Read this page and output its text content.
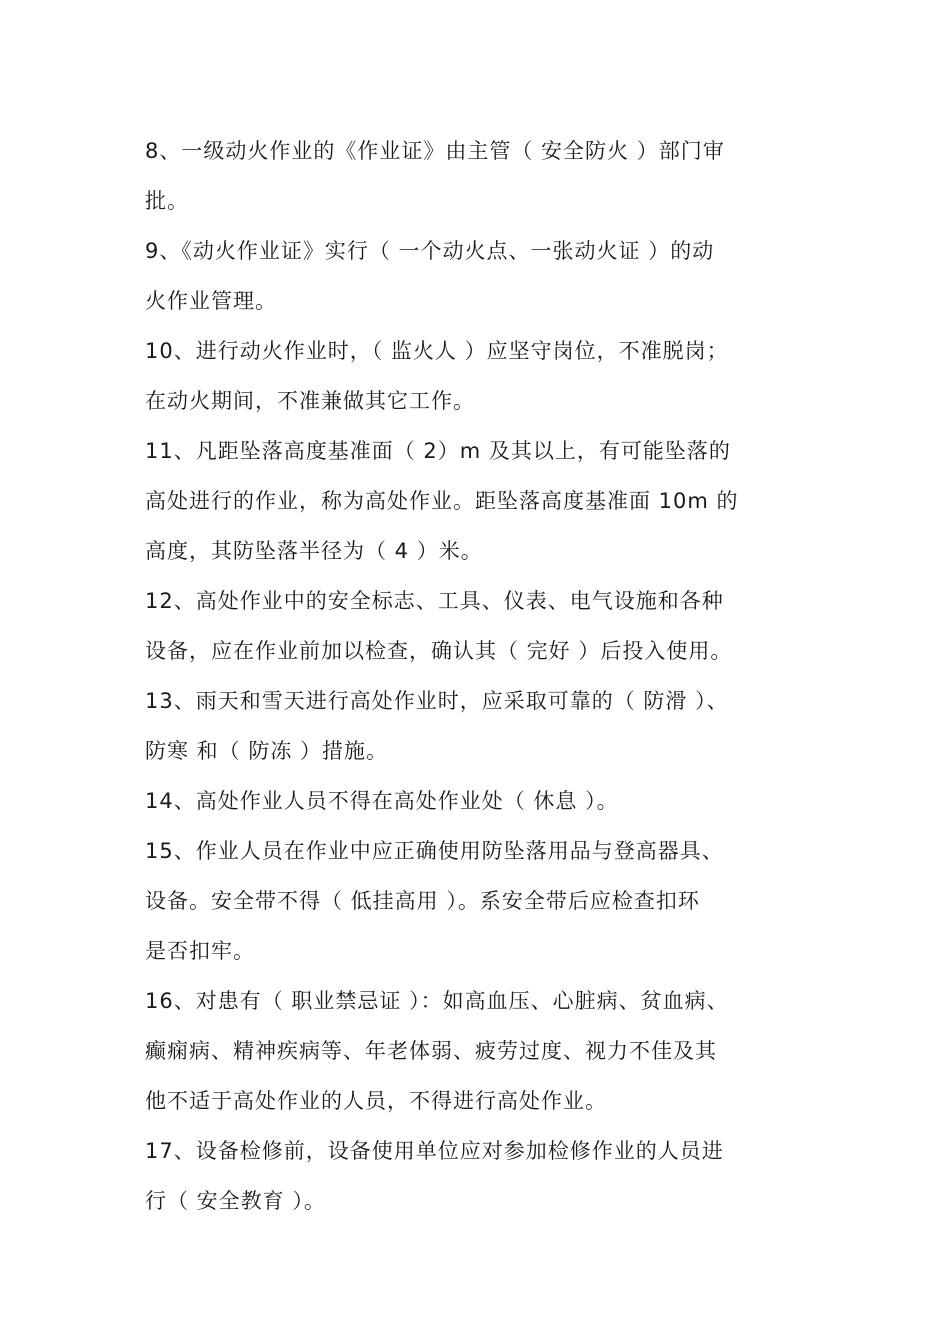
8、一级动火作业的《作业证》由主管（ 安全防火 ）部门审
批。
9、《动火作业证》实行（ 一个动火点、一张动火证 ）的动
火作业管理。
10、进行动火作业时，（ 监火人 ）应坚守岗位，不准脱岗；
在动火期间，不准兼做其它工作。
11、凡距坠落高度基准面（ 2）m 及其以上，有可能坠落的
高处进行的作业，称为高处作业。距坠落高度基准面 10m 的
高度，其防坠落半径为（ 4 ）米。
12、高处作业中的安全标志、工具、仪表、电气设施和各种
设备，应在作业前加以检查，确认其（ 完好 ）后投入使用。
13、雨天和雪天进行高处作业时，应采取可靠的（ 防滑 ）、
防寒 和（ 防冻 ）措施。
14、高处作业人员不得在高处作业处（ 休息 ）。
15、作业人员在作业中应正确使用防坠落用品与登高器具、
设备。安全带不得（ 低挂高用 ）。系安全带后应检查扣环
是否扣牢。
16、对患有（ 职业禁忌证 ）：如高血压、心脏病、贫血病、
癫痫病、精神疾病等、年老体弱、疲劳过度、视力不佳及其
他不适于高处作业的人员，不得进行高处作业。
17、设备检修前，设备使用单位应对参加检修作业的人员进
行（ 安全教育 ）。
